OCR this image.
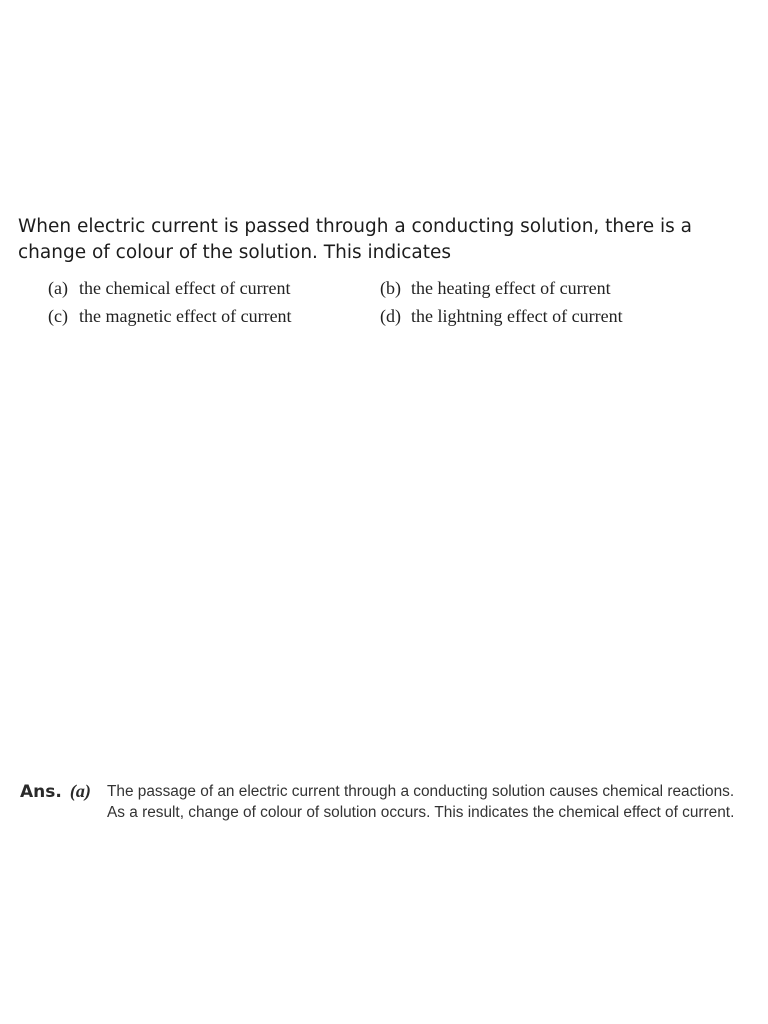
When electric current is passed through a conducting solution, there is a change of colour of the solution. This indicates
(a) the chemical effect of current	(b) the heating effect of current
(c) the magnetic effect of current	(d) the lightning effect of current
Ans. (a)	The passage of an electric current through a conducting solution causes chemical reactions. As a result, change of colour of solution occurs. This indicates the chemical effect of current.
